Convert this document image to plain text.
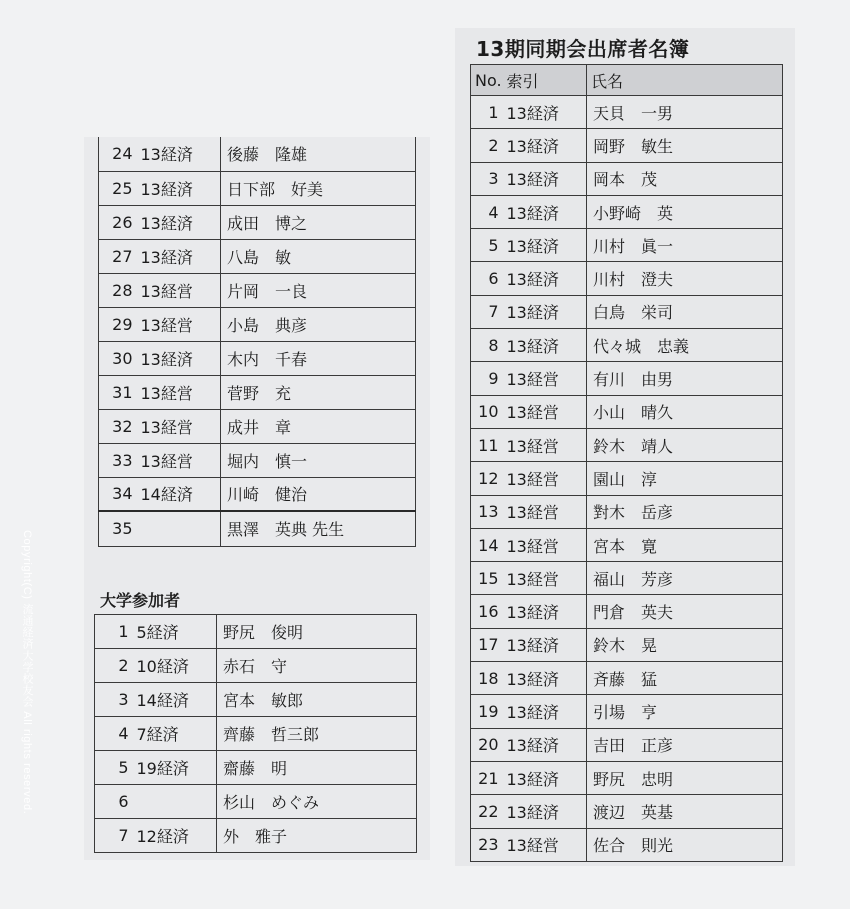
13期同期会出席者名簿
No.	索引	氏名
1	13経済	天貝　一男
2	13経済	岡野　敏生
3	13経済	岡本　茂
4	13経済	小野崎　英
5	13経済	川村　眞一
6	13経済	川村　澄夫
7	13経済	白鳥　栄司
8	13経済	代々城　忠義
9	13経営	有川　由男
10	13経営	小山　晴久
11	13経営	鈴木　靖人
12	13経営	園山　淳
13	13経営	對木　岳彦
14	13経営	宮本　寛
15	13経営	福山　芳彦
16	13経済	門倉　英夫
17	13経済	鈴木　晃
18	13経済	斉藤　猛
19	13経済	引場　亨
20	13経済	吉田　正彦
21	13経済	野尻　忠明
22	13経済	渡辺　英基
23	13経営	佐合　則光
24	13経済	後藤　隆雄
25	13経済	日下部　好美
26	13経済	成田　博之
27	13経済	八島　敏
28	13経営	片岡　一良
29	13経営	小島　典彦
30	13経済	木内　千春
31	13経営	菅野　充
32	13経営	成井　章
33	13経営	堀内　慎一
34	14経済	川崎　健治
35		黒澤　英典 先生
大学参加者
1	5経済	野尻　俊明
2	10経済	赤石　守
3	14経済	宮本　敏郎
4	7経済	齊藤　哲三郎
5	19経済	齋藤　明
6		杉山　めぐみ
7	12経済	外　雅子
Copyright(C) 流通経済大学校友会 All rights reserved.
